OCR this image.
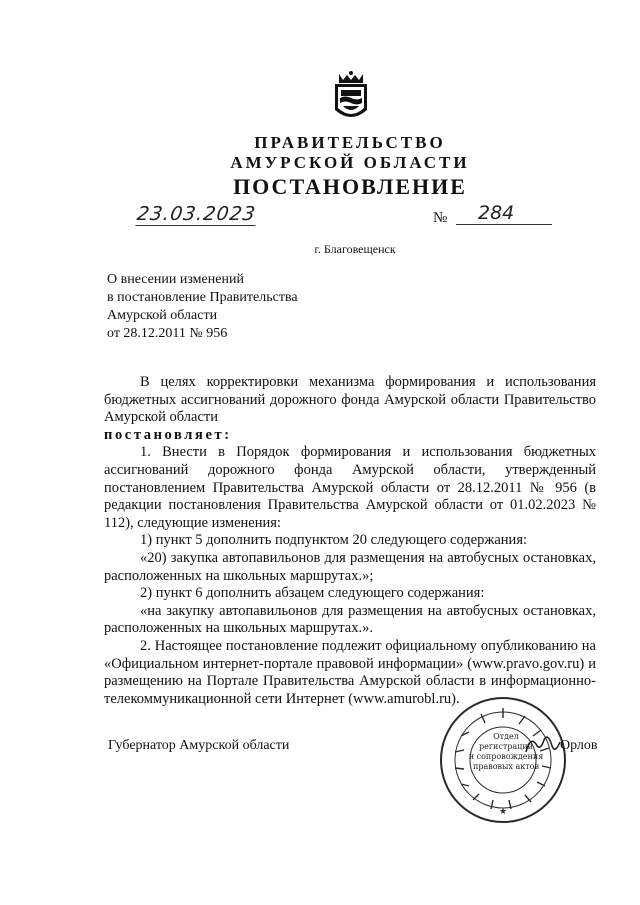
ПРАВИТЕЛЬСТВО
АМУРСКОЙ ОБЛАСТИ
ПОСТАНОВЛЕНИЕ
23.03.2023	№	284
г. Благовещенск
О внесении изменений
в постановление Правительства
Амурской области
от 28.12.2011 № 956

В целях корректировки механизма формирования и использования бюджетных ассигнований дорожного фонда Амурской области Правительство Амурской области

постановляет:

1. Внести в Порядок формирования и использования бюджетных ассигнований дорожного фонда Амурской области, утвержденный постановлением Правительства Амурской области от 28.12.2011 № 956 (в редакции постановления Правительства Амурской области от 01.02.2023 № 112), следующие изменения:

1) пункт 5 дополнить подпунктом 20 следующего содержания:

«20) закупка автопавильонов для размещения на автобусных остановках, расположенных на школьных маршрутах.»;

2) пункт 6 дополнить абзацем следующего содержания:

«на закупку автопавильонов для размещения на автобусных остановках, расположенных на школьных маршрутах.».

2. Настоящее постановление подлежит официальному опубликованию на «Официальном интернет-портале правовой информации» (www.pravo.gov.ru) и размещению на Портале Правительства Амурской области в информационно-телекоммуникационной сети Интернет (www.amurobl.ru).

Губернатор Амурской области
★
Отдел
регистрации
и сопровождения
правовых актов
Орлов
